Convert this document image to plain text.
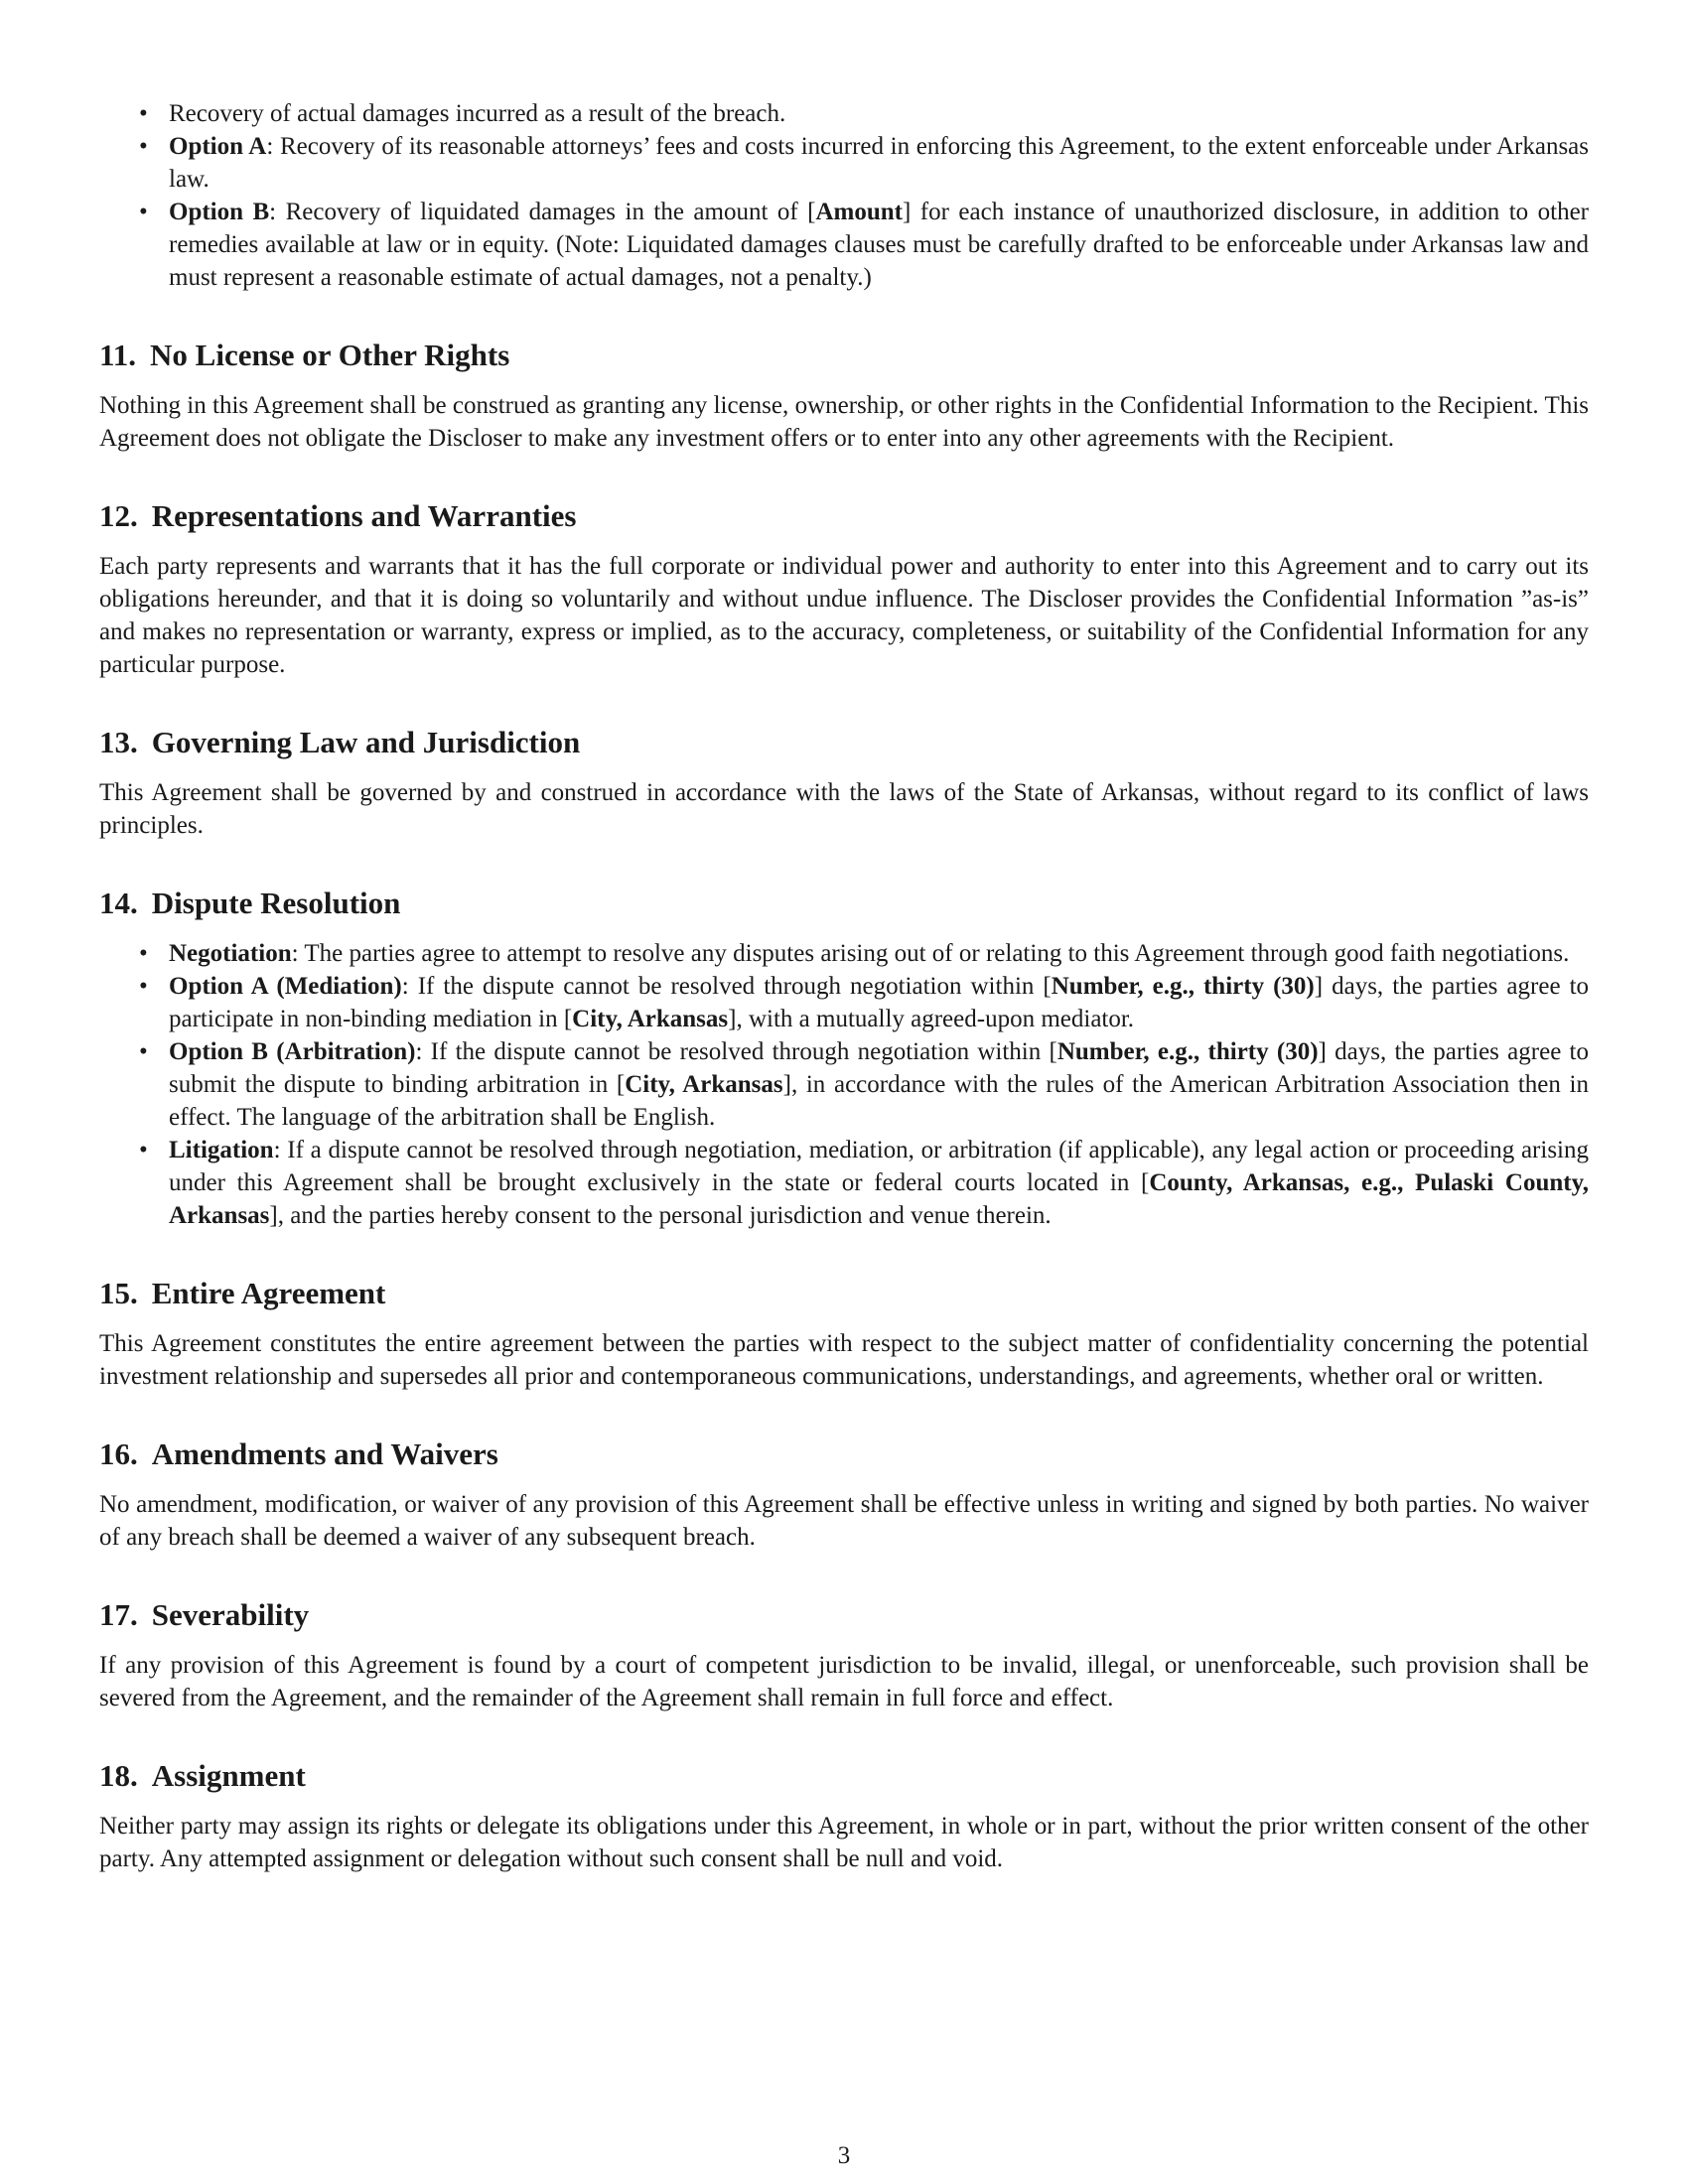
• Recovery of actual damages incurred as a result of the breach.
• Option A: Recovery of its reasonable attorneys’ fees and costs incurred in enforcing this Agreement, to the extent enforceable under Arkansas law.
• Option B: Recovery of liquidated damages in the amount of [Amount] for each instance of unauthorized disclosure, in addition to other remedies available at law or in equity. (Note: Liquidated damages clauses must be carefully drafted to be enforceable under Arkansas law and must represent a reasonable estimate of actual damages, not a penalty.)
11. No License or Other Rights

Nothing in this Agreement shall be construed as granting any license, ownership, or other rights in the Confidential Information to the Recipient. This Agreement does not obligate the Discloser to make any investment offers or to enter into any other agreements with the Recipient.

12. Representations and Warranties

Each party represents and warrants that it has the full corporate or individual power and authority to enter into this Agreement and to carry out its obligations hereunder, and that it is doing so voluntarily and without undue influence. The Discloser provides the Confidential Information ”as-is” and makes no representation or warranty, express or implied, as to the accuracy, completeness, or suitability of the Confidential Information for any particular purpose.

13. Governing Law and Jurisdiction

This Agreement shall be governed by and construed in accordance with the laws of the State of Arkansas, without regard to its conflict of laws principles.

14. Dispute Resolution
• Negotiation: The parties agree to attempt to resolve any disputes arising out of or relating to this Agreement through good faith negotiations.
• Option A (Mediation): If the dispute cannot be resolved through negotiation within [Number, e.g., thirty (30)] days, the parties agree to participate in non-binding mediation in [City, Arkansas], with a mutually agreed-upon mediator.
• Option B (Arbitration): If the dispute cannot be resolved through negotiation within [Number, e.g., thirty (30)] days, the parties agree to submit the dispute to binding arbitration in [City, Arkansas], in accordance with the rules of the American Arbitration Association then in effect. The language of the arbitration shall be English.
• Litigation: If a dispute cannot be resolved through negotiation, mediation, or arbitration (if applicable), any legal action or proceeding arising under this Agreement shall be brought exclusively in the state or federal courts located in [County, Arkansas, e.g., Pulaski County, Arkansas], and the parties hereby consent to the personal jurisdiction and venue therein.
15. Entire Agreement

This Agreement constitutes the entire agreement between the parties with respect to the subject matter of confidentiality concerning the potential investment relationship and supersedes all prior and contemporaneous communications, understandings, and agreements, whether oral or written.

16. Amendments and Waivers

No amendment, modification, or waiver of any provision of this Agreement shall be effective unless in writing and signed by both parties. No waiver of any breach shall be deemed a waiver of any subsequent breach.

17. Severability

If any provision of this Agreement is found by a court of competent jurisdiction to be invalid, illegal, or unenforceable, such provision shall be severed from the Agreement, and the remainder of the Agreement shall remain in full force and effect.

18. Assignment

Neither party may assign its rights or delegate its obligations under this Agreement, in whole or in part, without the prior written consent of the other party. Any attempted assignment or delegation without such consent shall be null and void.

3
